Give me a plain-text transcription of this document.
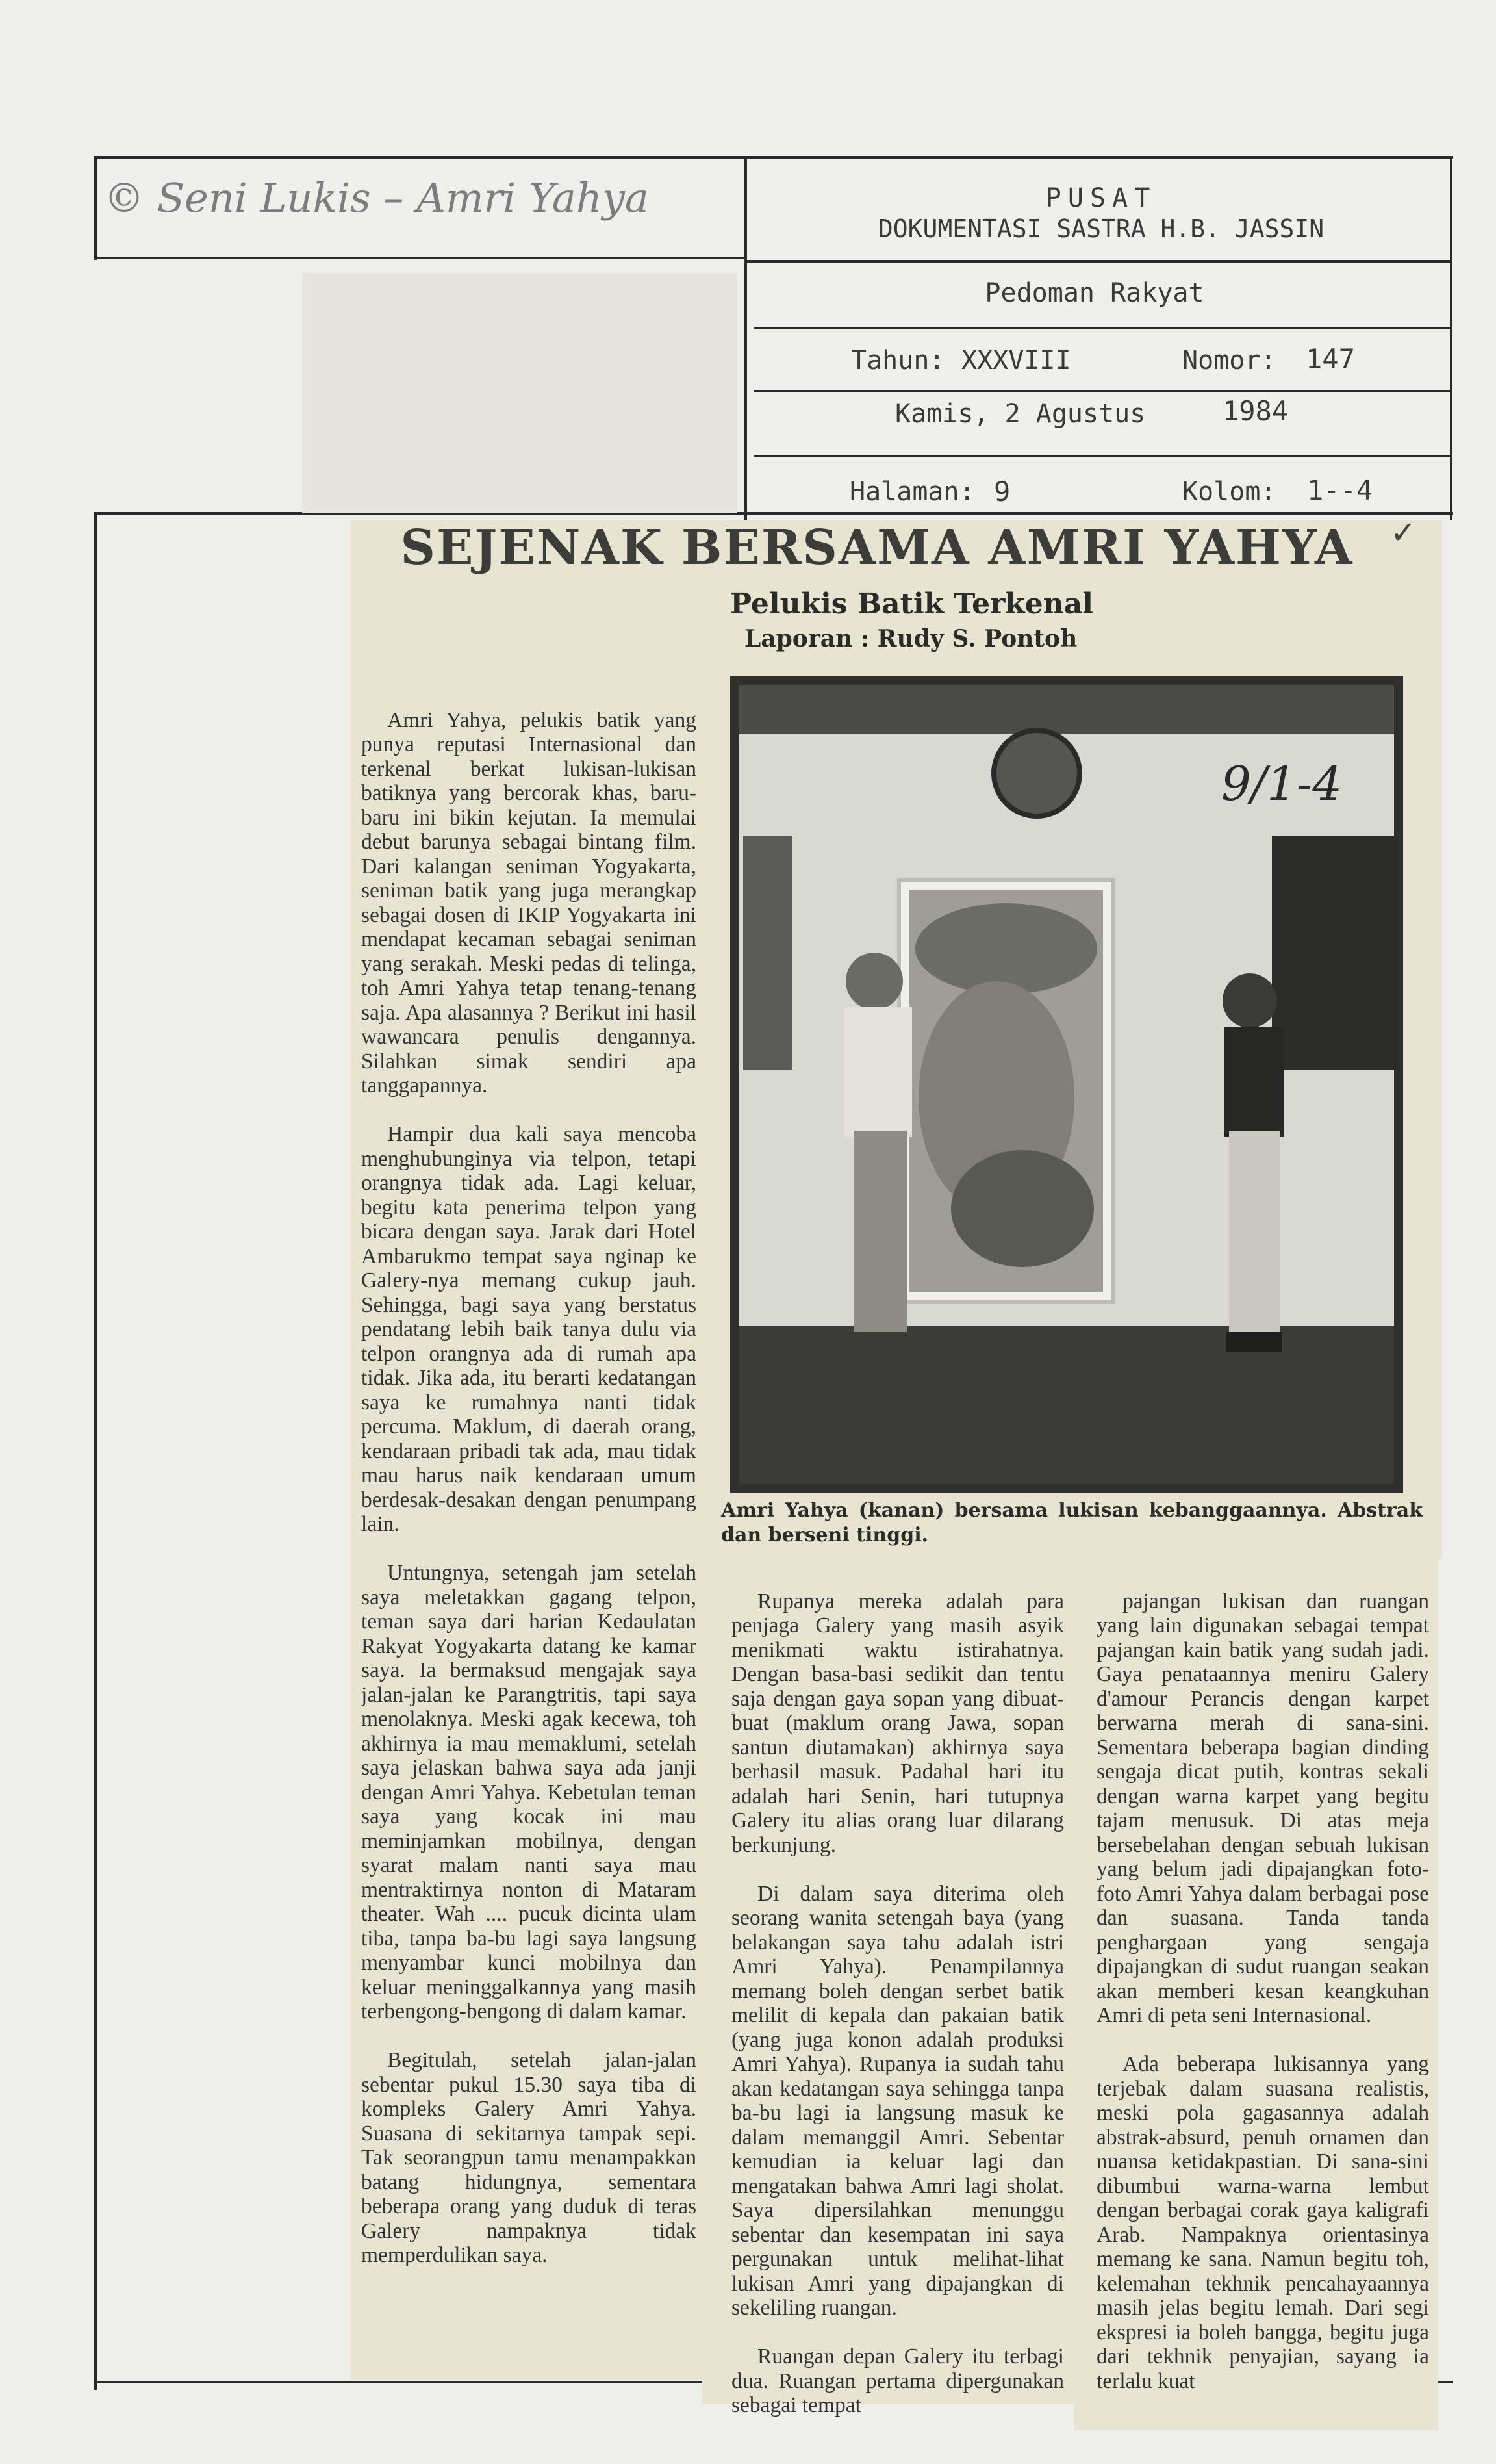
© Seni Lukis – Amri Yahya	PUSAT
DOKUMENTASI SASTRA H.B. JASSIN
Pedoman Rakyat
Tahun: XXXVIII	Nomor: 147
Kamis, 2 Agustus	1984
Halaman: 9	Kolom: 1--4
SEJENAK BERSAMA AMRI YAHYA	✓
Pelukis Batik Terkenal
Laporan : Rudy S. Pontoh
9/1-4
Amri Yahya (kanan) bersama lukisan kebanggaannya. Abstrak dan berseni tinggi.

Amri Yahya, pelukis batik yang punya reputasi Internasional dan terkenal berkat lukisan-lukisan batiknya yang bercorak khas, baru-baru ini bikin kejutan. Ia memulai debut barunya sebagai bintang film. Dari kalangan seniman Yogyakarta, seniman batik yang juga merangkap sebagai dosen di IKIP Yogyakarta ini mendapat kecaman sebagai seniman yang serakah. Meski pedas di telinga, toh Amri Yahya tetap tenang-tenang saja. Apa alasannya ? Berikut ini hasil wawancara penulis dengannya. Silahkan simak sendiri apa tanggapannya.

Hampir dua kali saya mencoba menghubunginya via telpon, tetapi orangnya tidak ada. Lagi keluar, begitu kata penerima telpon yang bicara dengan saya. Jarak dari Hotel Ambarukmo tempat saya nginap ke Galery-nya memang cukup jauh. Sehingga, bagi saya yang berstatus pendatang lebih baik tanya dulu via telpon orangnya ada di rumah apa tidak. Jika ada, itu berarti kedatangan saya ke rumahnya nanti tidak percuma. Maklum, di daerah orang, kendaraan pribadi tak ada, mau tidak mau harus naik kendaraan umum berdesak-desakan dengan penumpang lain.

Untungnya, setengah jam setelah saya meletakkan gagang telpon, teman saya dari harian Kedaulatan Rakyat Yogyakarta datang ke kamar saya. Ia bermaksud mengajak saya jalan-jalan ke Parangtritis, tapi saya menolaknya. Meski agak kecewa, toh akhirnya ia mau memaklumi, setelah saya jelaskan bahwa saya ada janji dengan Amri Yahya. Kebetulan teman saya yang kocak ini mau meminjamkan mobilnya, dengan syarat malam nanti saya mau mentraktirnya nonton di Mataram theater. Wah .... pucuk dicinta ulam tiba, tanpa ba-bu lagi saya langsung menyambar kunci mobilnya dan keluar meninggalkannya yang masih terbengong-bengong di dalam kamar.

Begitulah, setelah jalan-jalan sebentar pukul 15.30 saya tiba di kompleks Galery Amri Yahya. Suasana di sekitarnya tampak sepi. Tak seorangpun tamu menampakkan batang hidungnya, sementara beberapa orang yang duduk di teras Galery nampaknya tidak memperdulikan saya.

Rupanya mereka adalah para penjaga Galery yang masih asyik menikmati waktu istirahatnya. Dengan basa-basi sedikit dan tentu saja dengan gaya sopan yang dibuat-buat (maklum orang Jawa, sopan santun diutamakan) akhirnya saya berhasil masuk. Padahal hari itu adalah hari Senin, hari tutupnya Galery itu alias orang luar dilarang berkunjung.

Di dalam saya diterima oleh seorang wanita setengah baya (yang belakangan saya tahu adalah istri Amri Yahya). Penampilannya memang boleh dengan serbet batik melilit di kepala dan pakaian batik (yang juga konon adalah produksi Amri Yahya). Rupanya ia sudah tahu akan kedatangan saya sehingga tanpa ba-bu lagi ia langsung masuk ke dalam memanggil Amri. Sebentar kemudian ia keluar lagi dan mengatakan bahwa Amri lagi sholat. Saya dipersilahkan menunggu sebentar dan kesempatan ini saya pergunakan untuk melihat-lihat lukisan Amri yang dipajangkan di sekeliling ruangan.

Ruangan depan Galery itu terbagi dua. Ruangan pertama dipergunakan sebagai tempat

pajangan lukisan dan ruangan yang lain digunakan sebagai tempat pajangan kain batik yang sudah jadi. Gaya penataannya meniru Galery d'amour Perancis dengan karpet berwarna merah di sana-sini. Sementara beberapa bagian dinding sengaja dicat putih, kontras sekali dengan warna karpet yang begitu tajam menusuk. Di atas meja bersebelahan dengan sebuah lukisan yang belum jadi dipajangkan foto-foto Amri Yahya dalam berbagai pose dan suasana. Tanda tanda penghargaan yang sengaja dipajangkan di sudut ruangan seakan akan memberi kesan keangkuhan Amri di peta seni Internasional.

Ada beberapa lukisannya yang terjebak dalam suasana realistis, meski pola gagasannya adalah abstrak-absurd, penuh ornamen dan nuansa ketidakpastian. Di sana-sini dibumbui warna-warna lembut dengan berbagai corak gaya kaligrafi Arab. Nampaknya orientasinya memang ke sana. Namun begitu toh, kelemahan tekhnik pencahayaannya masih jelas begitu lemah. Dari segi ekspresi ia boleh bangga, begitu juga dari tekhnik penyajian, sayang ia terlalu kuat
